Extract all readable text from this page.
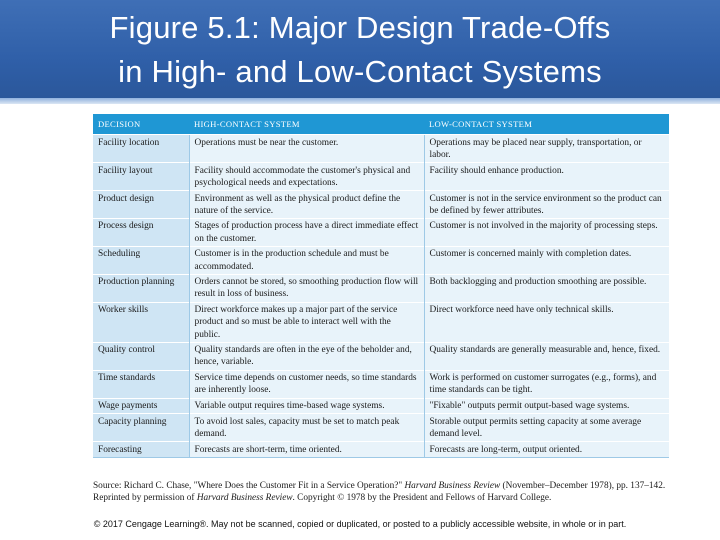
Figure 5.1: Major Design Trade-Offs
in High- and Low-Contact Systems
DECISION	HIGH-CONTACT SYSTEM	LOW-CONTACT SYSTEM
Facility location	Operations must be near the customer.	Operations may be placed near supply, transportation, or labor.
Facility layout	Facility should accommodate the customer's physical and psychological needs and expectations.	Facility should enhance production.
Product design	Environment as well as the physical product define the nature of the service.	Customer is not in the service environment so the product can be defined by fewer attributes.
Process design	Stages of production process have a direct immediate effect on the customer.	Customer is not involved in the majority of processing steps.
Scheduling	Customer is in the production schedule and must be accommodated.	Customer is concerned mainly with completion dates.
Production planning	Orders cannot be stored, so smoothing production flow will result in loss of business.	Both backlogging and production smoothing are possible.
Worker skills	Direct workforce makes up a major part of the service product and so must be able to interact well with the public.	Direct workforce need have only technical skills.
Quality control	Quality standards are often in the eye of the beholder and, hence, variable.	Quality standards are generally measurable and, hence, fixed.
Time standards	Service time depends on customer needs, so time standards are inherently loose.	Work is performed on customer surrogates (e.g., forms), and time standards can be tight.
Wage payments	Variable output requires time-based wage systems.	"Fixable" outputs permit output-based wage systems.
Capacity planning	To avoid lost sales, capacity must be set to match peak demand.	Storable output permits setting capacity at some average demand level.
Forecasting	Forecasts are short-term, time oriented.	Forecasts are long-term, output oriented.
Source: Richard C. Chase, "Where Does the Customer Fit in a Service Operation?" Harvard Business Review (November–December 1978), pp. 137–142. Reprinted by permission of Harvard Business Review. Copyright © 1978 by the President and Fellows of Harvard College.
© 2017 Cengage Learning®. May not be scanned, copied or duplicated, or posted to a publicly accessible website, in whole or in part.
